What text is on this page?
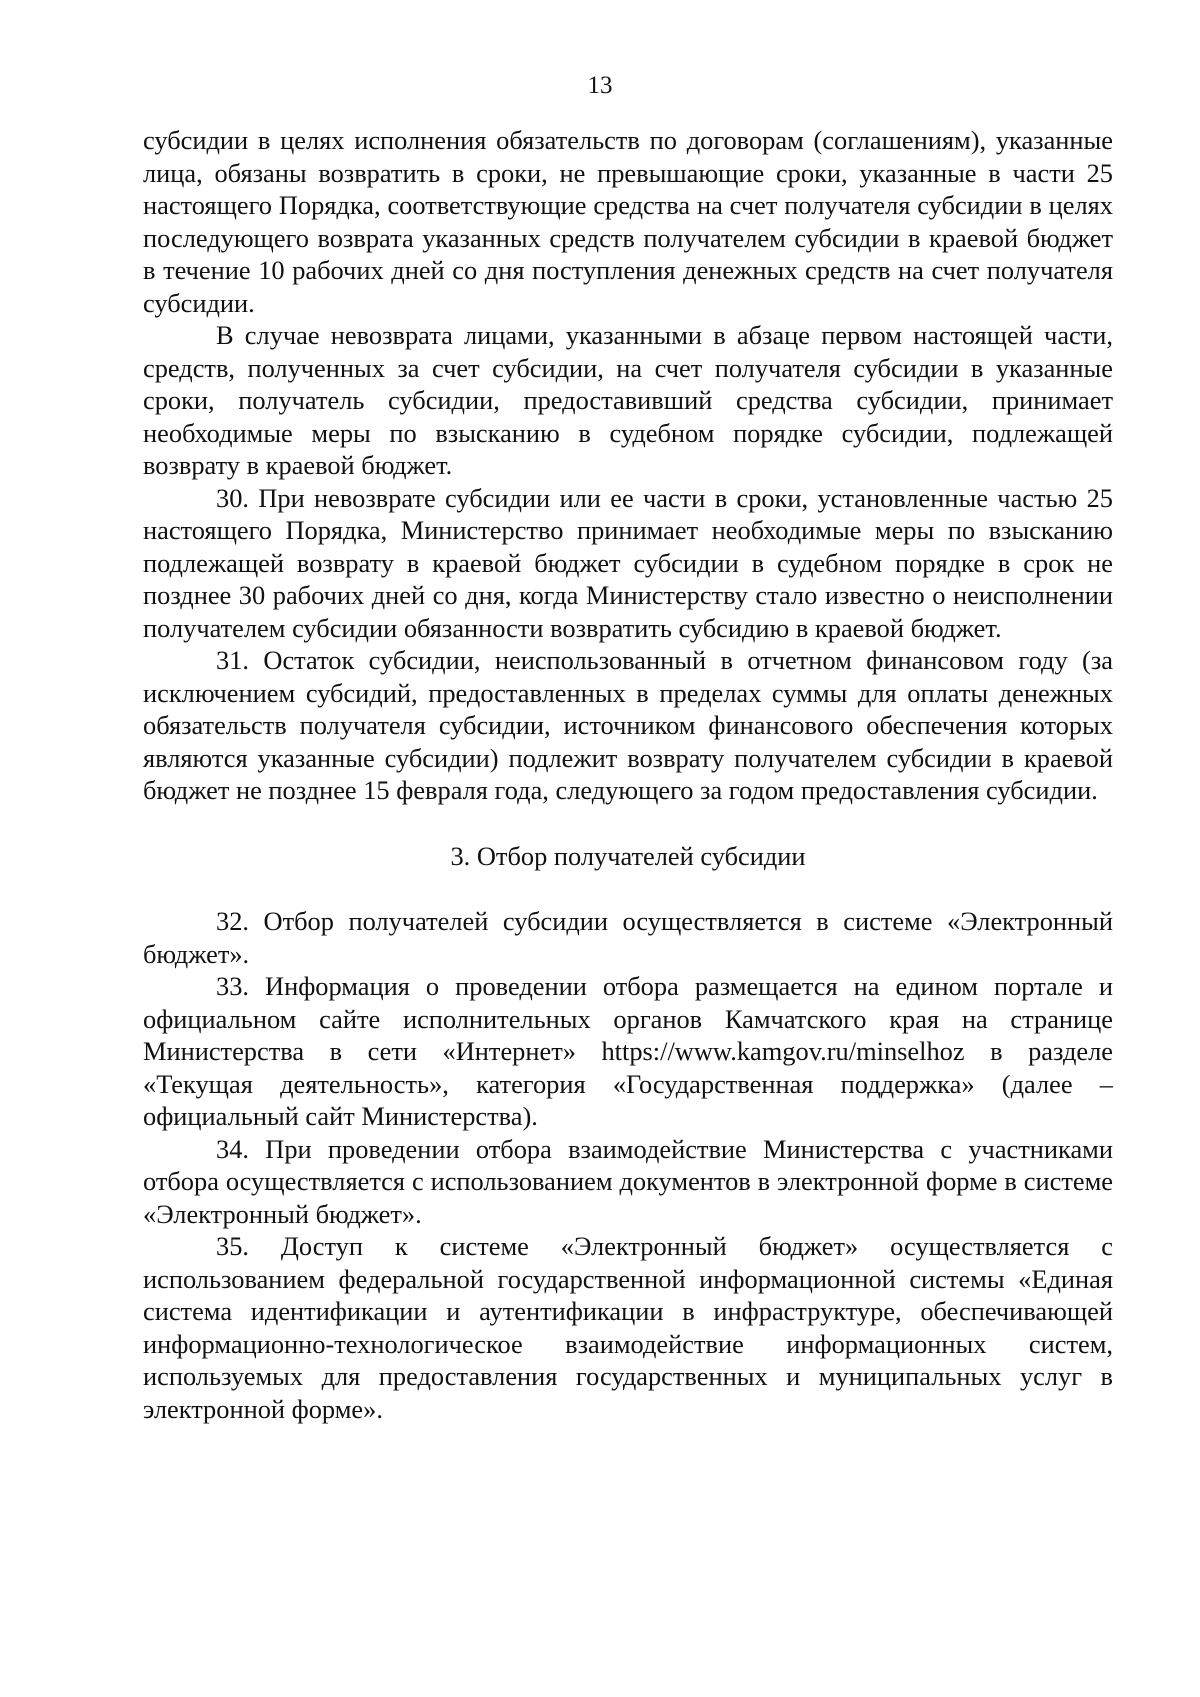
13

субсидии в целях исполнения обязательств по договорам (соглашениям), указанные лица, обязаны возвратить в сроки, не превышающие сроки, указанные в части 25 настоящего Порядка, соответствующие средства на счет получателя субсидии в целях последующего возврата указанных средств получателем субсидии в краевой бюджет в течение 10 рабочих дней со дня поступления денежных средств на счет получателя субсидии.

В случае невозврата лицами, указанными в абзаце первом настоящей части, средств, полученных за счет субсидии, на счет получателя субсидии в указанные сроки, получатель субсидии, предоставивший средства субсидии, принимает необходимые меры по взысканию в судебном порядке субсидии, подлежащей возврату в краевой бюджет.

30. При невозврате субсидии или ее части в сроки, установленные частью 25 настоящего Порядка, Министерство принимает необходимые меры по взысканию подлежащей возврату в краевой бюджет субсидии в судебном порядке в срок не позднее 30 рабочих дней со дня, когда Министерству стало известно о неисполнении получателем субсидии обязанности возвратить субсидию в краевой бюджет.

31. Остаток субсидии, неиспользованный в отчетном финансовом году (за исключением субсидий, предоставленных в пределах суммы для оплаты денежных обязательств получателя субсидии, источником финансового обеспечения которых являются указанные субсидии) подлежит возврату получателем субсидии в краевой бюджет не позднее 15 февраля года, следующего за годом предоставления субсидии.

3. Отбор получателей субсидии

32. Отбор получателей субсидии осуществляется в системе «Электронный бюджет».

33. Информация о проведении отбора размещается на едином портале и официальном сайте исполнительных органов Камчатского края на странице Министерства в сети «Интернет» https://www.kamgov.ru/minselhoz в разделе «Текущая деятельность», категория «Государственная поддержка» (далее – официальный сайт Министерства).

34. При проведении отбора взаимодействие Министерства с участниками отбора осуществляется с использованием документов в электронной форме в системе «Электронный бюджет».

35. Доступ к системе «Электронный бюджет» осуществляется с использованием федеральной государственной информационной системы «Единая система идентификации и аутентификации в инфраструктуре, обеспечивающей информационно-технологическое взаимодействие информационных систем, используемых для предоставления государственных и муниципальных услуг в электронной форме».
